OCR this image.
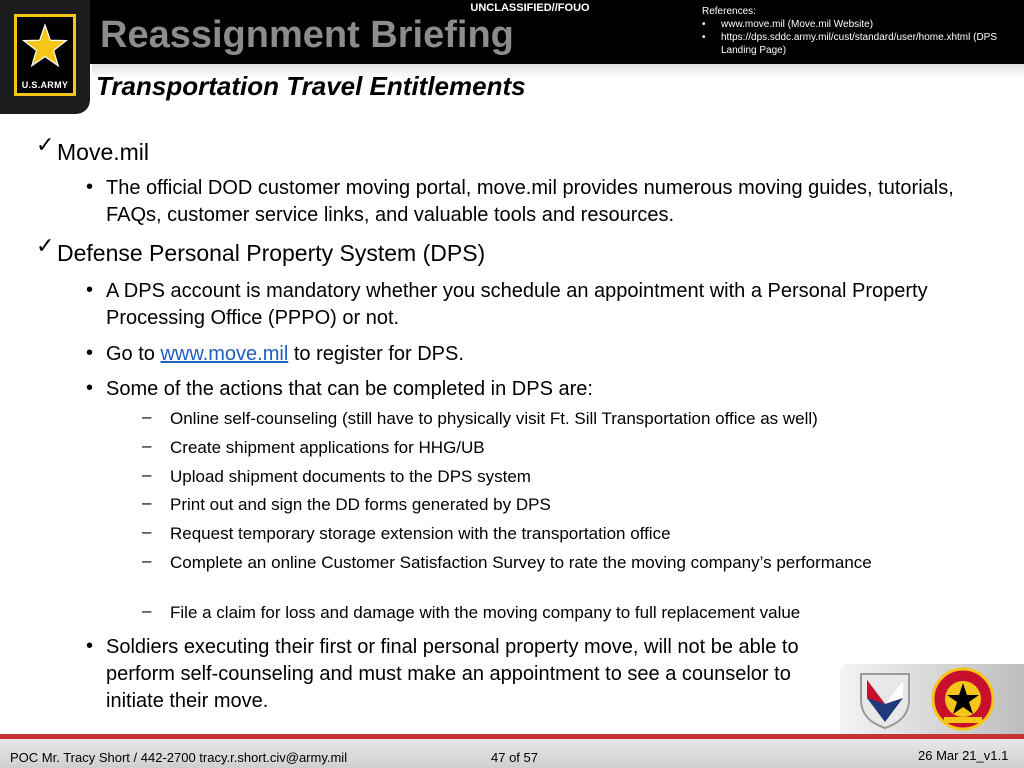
U.S.ARMY
UNCLASSIFIED//FOUO
Reassignment Briefing
References:
• www.move.mil (Move.mil Website)
• https://dps.sddc.army.mil/cust/standard/user/home.xhtml (DPS Landing Page)
Transportation Travel Entitlements
✓ Move.mil
• The official DOD customer moving portal, move.mil provides numerous moving guides, tutorials, FAQs, customer service links, and valuable tools and resources.
✓ Defense Personal Property System (DPS)
• A DPS account is mandatory whether you schedule an appointment with a Personal Property Processing Office (PPPO) or not.
• Go to www.move.mil to register for DPS.
• Some of the actions that can be completed in DPS are:
– Online self-counseling (still have to physically visit Ft. Sill Transportation office as well)
– Create shipment applications for HHG/UB
– Upload shipment documents to the DPS system
– Print out and sign the DD forms generated by DPS
– Request temporary storage extension with the transportation office
– Complete an online Customer Satisfaction Survey to rate the moving company’s performance
– File a claim for loss and damage with the moving company to full replacement value
• Soldiers executing their first or final personal property move, will not be able to perform self-counseling and must make an appointment to see a counselor to initiate their move.
POC Mr. Tracy Short / 442-2700 tracy.r.short.civ@army.mil	47 of 57	26 Mar 21_v1.1
